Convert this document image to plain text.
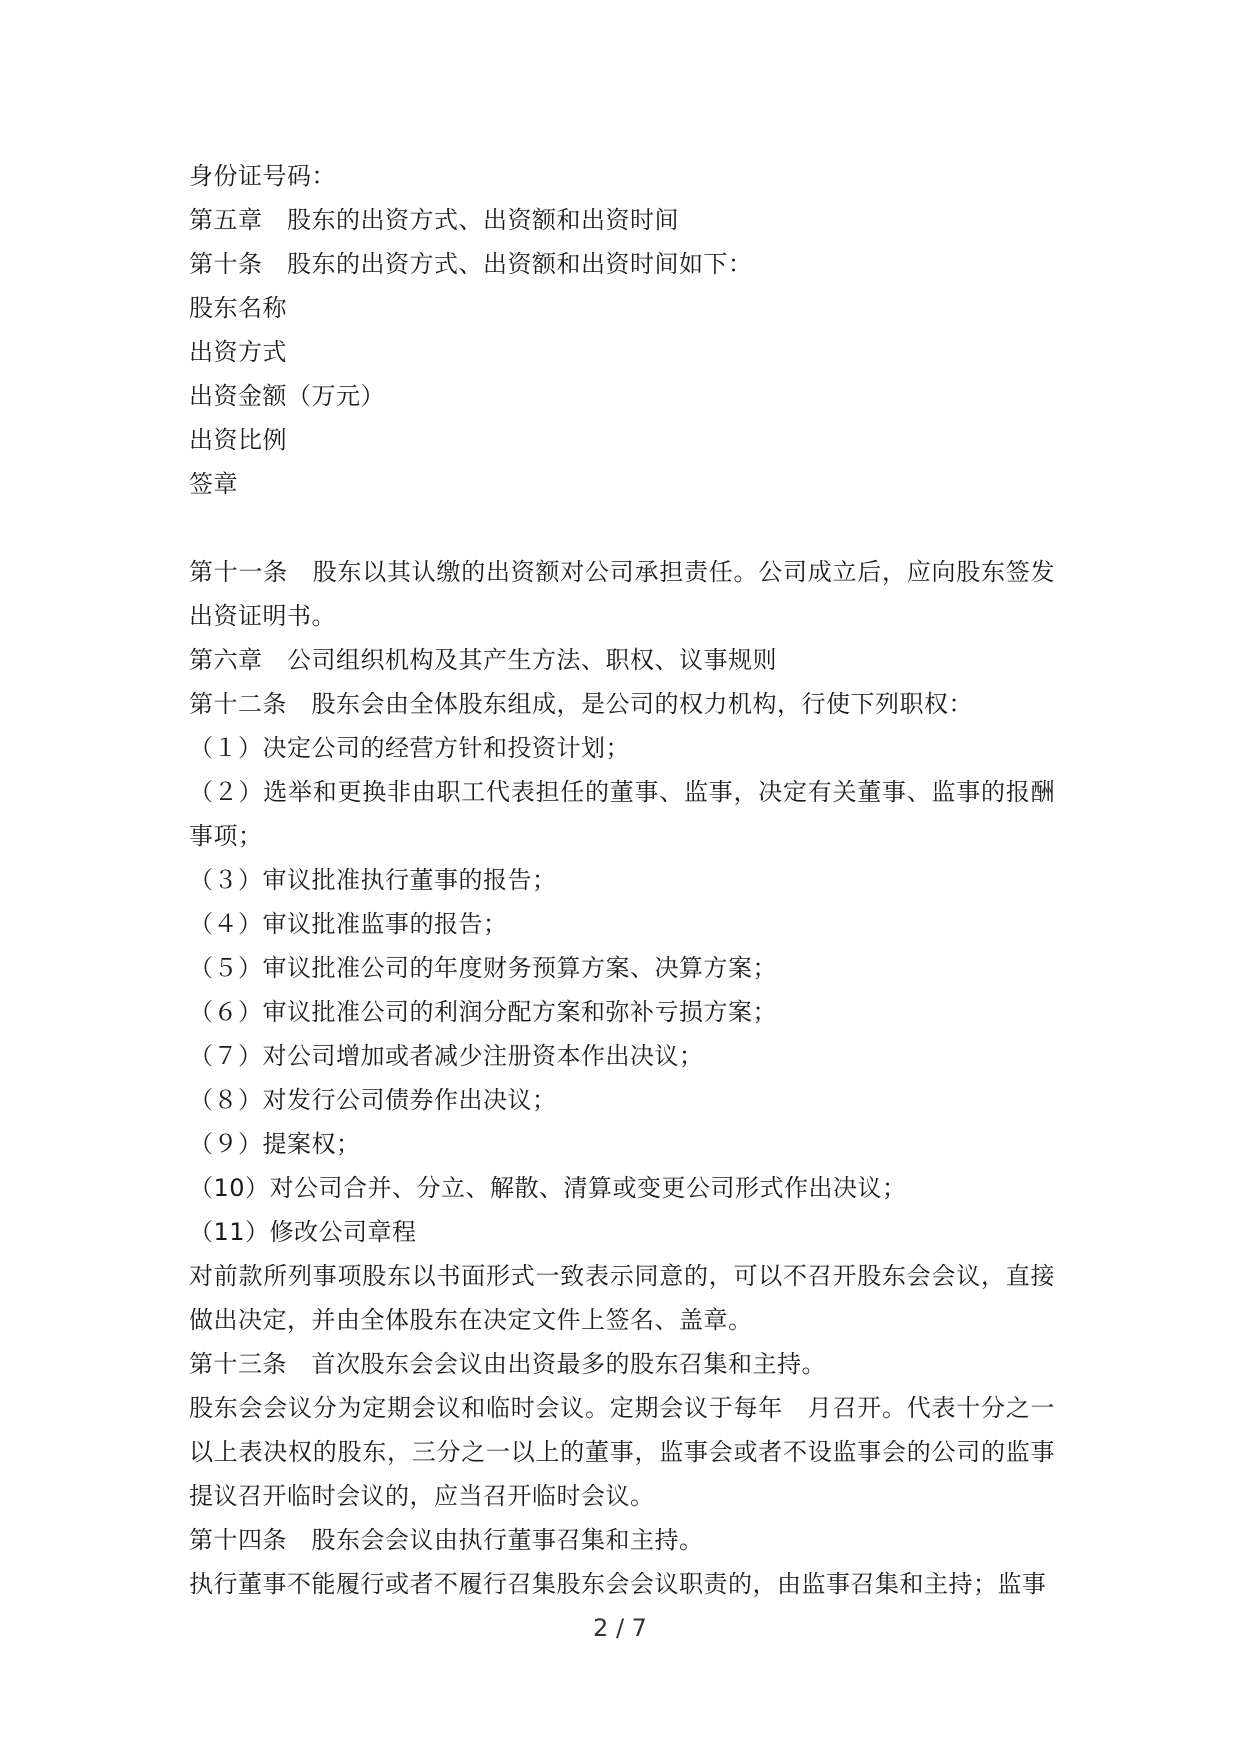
身份证号码：
第五章　股东的出资方式、出资额和出资时间
第十条　股东的出资方式、出资额和出资时间如下：
股东名称
出资方式
出资金额（万元）
出资比例
签章
第十一条　股东以其认缴的出资额对公司承担责任。公司成立后，应向股东签发出资证明书。
第六章　公司组织机构及其产生方法、职权、议事规则
第十二条　股东会由全体股东组成，是公司的权力机构，行使下列职权：
（１）决定公司的经营方针和投资计划；
（２）选举和更换非由职工代表担任的董事、监事，决定有关董事、监事的报酬事项；
（３）审议批准执行董事的报告；
（４）审议批准监事的报告；
（５）审议批准公司的年度财务预算方案、决算方案；
（６）审议批准公司的利润分配方案和弥补亏损方案；
（７）对公司增加或者减少注册资本作出决议；
（８）对发行公司债券作出决议；
（９）提案权；
（10）对公司合并、分立、解散、清算或变更公司形式作出决议；
（11）修改公司章程
对前款所列事项股东以书面形式一致表示同意的，可以不召开股东会会议，直接做出决定，并由全体股东在决定文件上签名、盖章。
第十三条　首次股东会会议由出资最多的股东召集和主持。
股东会会议分为定期会议和临时会议。定期会议于每年　月召开。代表十分之一以上表决权的股东，三分之一以上的董事，监事会或者不设监事会的公司的监事提议召开临时会议的，应当召开临时会议。
第十四条　股东会会议由执行董事召集和主持。
执行董事不能履行或者不履行召集股东会会议职责的，由监事召集和主持；监事
2 / 7
